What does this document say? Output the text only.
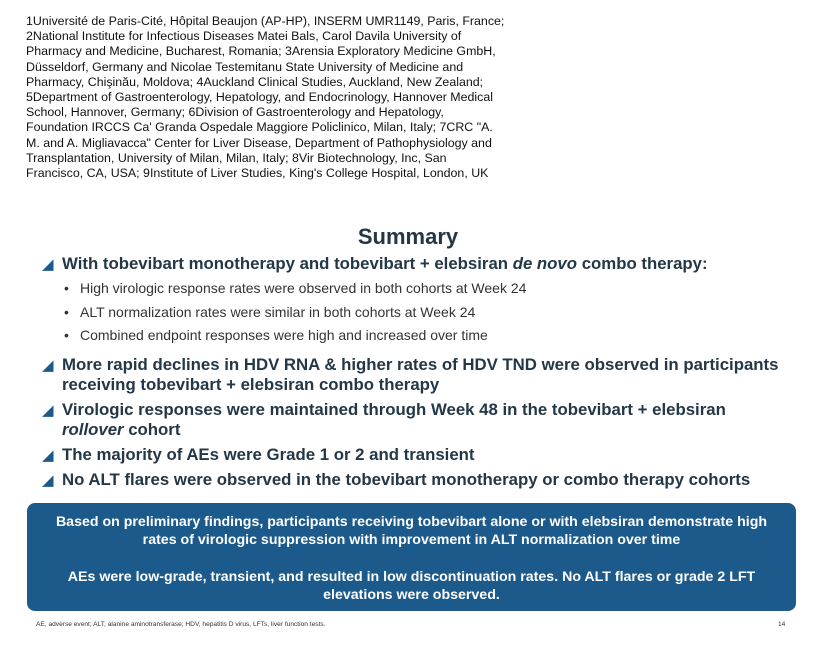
1Université de Paris-Cité, Hôpital Beaujon (AP-HP), INSERM UMR1149, Paris, France; 2National Institute for Infectious Diseases Matei Bals, Carol Davila University of Pharmacy and Medicine, Bucharest, Romania; 3Arensia Exploratory Medicine GmbH, Düsseldorf, Germany and Nicolae Testemitanu State University of Medicine and Pharmacy, Chişinău, Moldova; 4Auckland Clinical Studies, Auckland, New Zealand; 5Department of Gastroenterology, Hepatology, and Endocrinology, Hannover Medical School, Hannover, Germany; 6Division of Gastroenterology and Hepatology, Foundation IRCCS Ca' Granda Ospedale Maggiore Policlinico, Milan, Italy; 7CRC "A. M. and A. Migliavacca" Center for Liver Disease, Department of Pathophysiology and Transplantation, University of Milan, Milan, Italy; 8Vir Biotechnology, Inc, San Francisco, CA, USA; 9Institute of Liver Studies, King's College Hospital, London, UK
Summary
◢ With tobevibart monotherapy and tobevibart + elebsiran de novo combo therapy:
• High virologic response rates were observed in both cohorts at Week 24
• ALT normalization rates were similar in both cohorts at Week 24
• Combined endpoint responses were high and increased over time
◢ More rapid declines in HDV RNA & higher rates of HDV TND were observed in participants receiving tobevibart + elebsiran combo therapy
◢ Virologic responses were maintained through Week 48 in the tobevibart + elebsiran
rollover cohort
◢ The majority of AEs were Grade 1 or 2 and transient
◢ No ALT flares were observed in the tobevibart monotherapy or combo therapy cohorts

Based on preliminary findings, participants receiving tobevibart alone or with elebsiran demonstrate high rates of virologic suppression with improvement in ALT normalization over time

AEs were low-grade, transient, and resulted in low discontinuation rates. No ALT flares or grade 2 LFT elevations were observed.

AE, adverse event; ALT, alanine aminotransferase; HDV, hepatitis D virus, LFTs, liver function tests.	14
